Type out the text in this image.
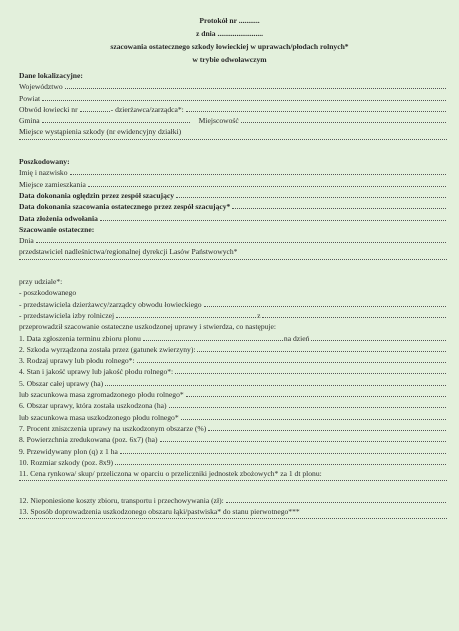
Protokół nr ...........
z dnia ........................
szacowania ostatecznego szkody łowieckiej w uprawach/płodach rolnych*
w trybie odwoławczym
Dane lokalizacyjne:
Województwo
Powiat
Obwód łowiecki nr	- dzierżawca/zarządca*:
Gmina	Miejscowość
Miejsce wystąpienia szkody (nr ewidencyjny działki)
Poszkodowany:
Imię i nazwisko
Miejsce zamieszkania
Data dokonania oględzin przez zespół szacujący
Data dokonania szacowania ostatecznego przez zespół szacujący*
Data złożenia odwołania
Szacowanie ostateczne:
Dnia
przedstawiciel nadleśnictwa/regionalnej dyrekcji Lasów Państwowych*
przy udziale*:
- poszkodowanego
- przedstawiciela dzierżawcy/zarządcy obwodu łowieckiego
- przedstawiciela izby rolniczej	z
przeprowadził szacowanie ostateczne uszkodzonej uprawy i stwierdza, co następuje:
1. Data zgłoszenia terminu zbioru plonu	na dzień
2. Szkoda wyrządzona została przez (gatunek zwierzyny):
3. Rodzaj uprawy lub płodu rolnego*:
4. Stan i jakość uprawy lub jakość płodu rolnego*:
5. Obszar całej uprawy (ha)
lub szacunkowa masa zgromadzonego płodu rolnego*
6. Obszar uprawy, która została uszkodzona (ha)
lub szacunkowa masa uszkodzonego płodu rolnego*
7. Procent zniszczenia uprawy na uszkodzonym obszarze (%)
8. Powierzchnia zredukowana (poz. 6x7) (ha)
9. Przewidywany plon (q) z 1 ha
10. Rozmiar szkody (poz. 8x9)
11. Cena rynkowa/ skup/ przeliczona w oparciu o przeliczniki jednostek zbożowych* za 1 dt plonu:
12. Nieponiesione koszty zbioru, transportu i przechowywania (zł):
13. Sposób doprowadzenia uszkodzonego obszaru łąki/pastwiska* do stanu pierwotnego***
